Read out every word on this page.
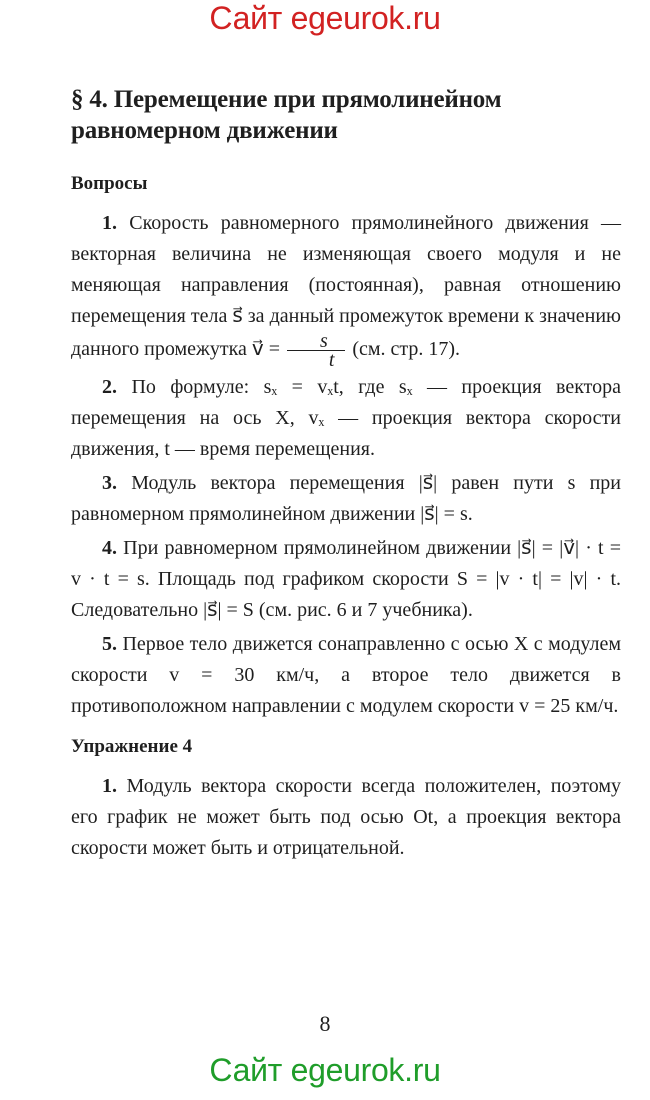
Сайт egeurok.ru
§ 4. Перемещение при прямолинейном равномерном движении
Вопросы

1. Скорость равномерного прямолинейного движения — векторная величина не изменяющая своего модуля и не меняющая направления (постоянная), равная отношению перемещения тела s⃗ за данный промежуток времени к значению данного промежутка v⃗ = $\frac{s⃗}{t} (см$. стр. 17).

2. По формуле: sₓ = vₓt, где sₓ — проекция вектора перемещения на ось X, vₓ — проекция вектора скорости движения, t — время перемещения.

3. Модуль вектора перемещения |s⃗| равен пути s при равномерном прямолинейном движении |s⃗| = s.

4. При равномерном прямолинейном движении |s⃗| = |v⃗| · t = v · t = s. Площадь под графиком скорости S = |v · t| = |v| · t. Следовательно |s⃗| = S (см. рис. 6 и 7 учебника).

5. Первое тело движется сонаправленно с осью X с модулем скорости v = 30 км/ч, а второе тело движется в противоположном направлении с модулем скорости v = 25 км/ч.

Упражнение 4

1. Модуль вектора скорости всегда положителен, поэтому его график не может быть под осью Ot, а проекция вектора скорости может быть и отрицательной.

8
Сайт egeurok.ru
